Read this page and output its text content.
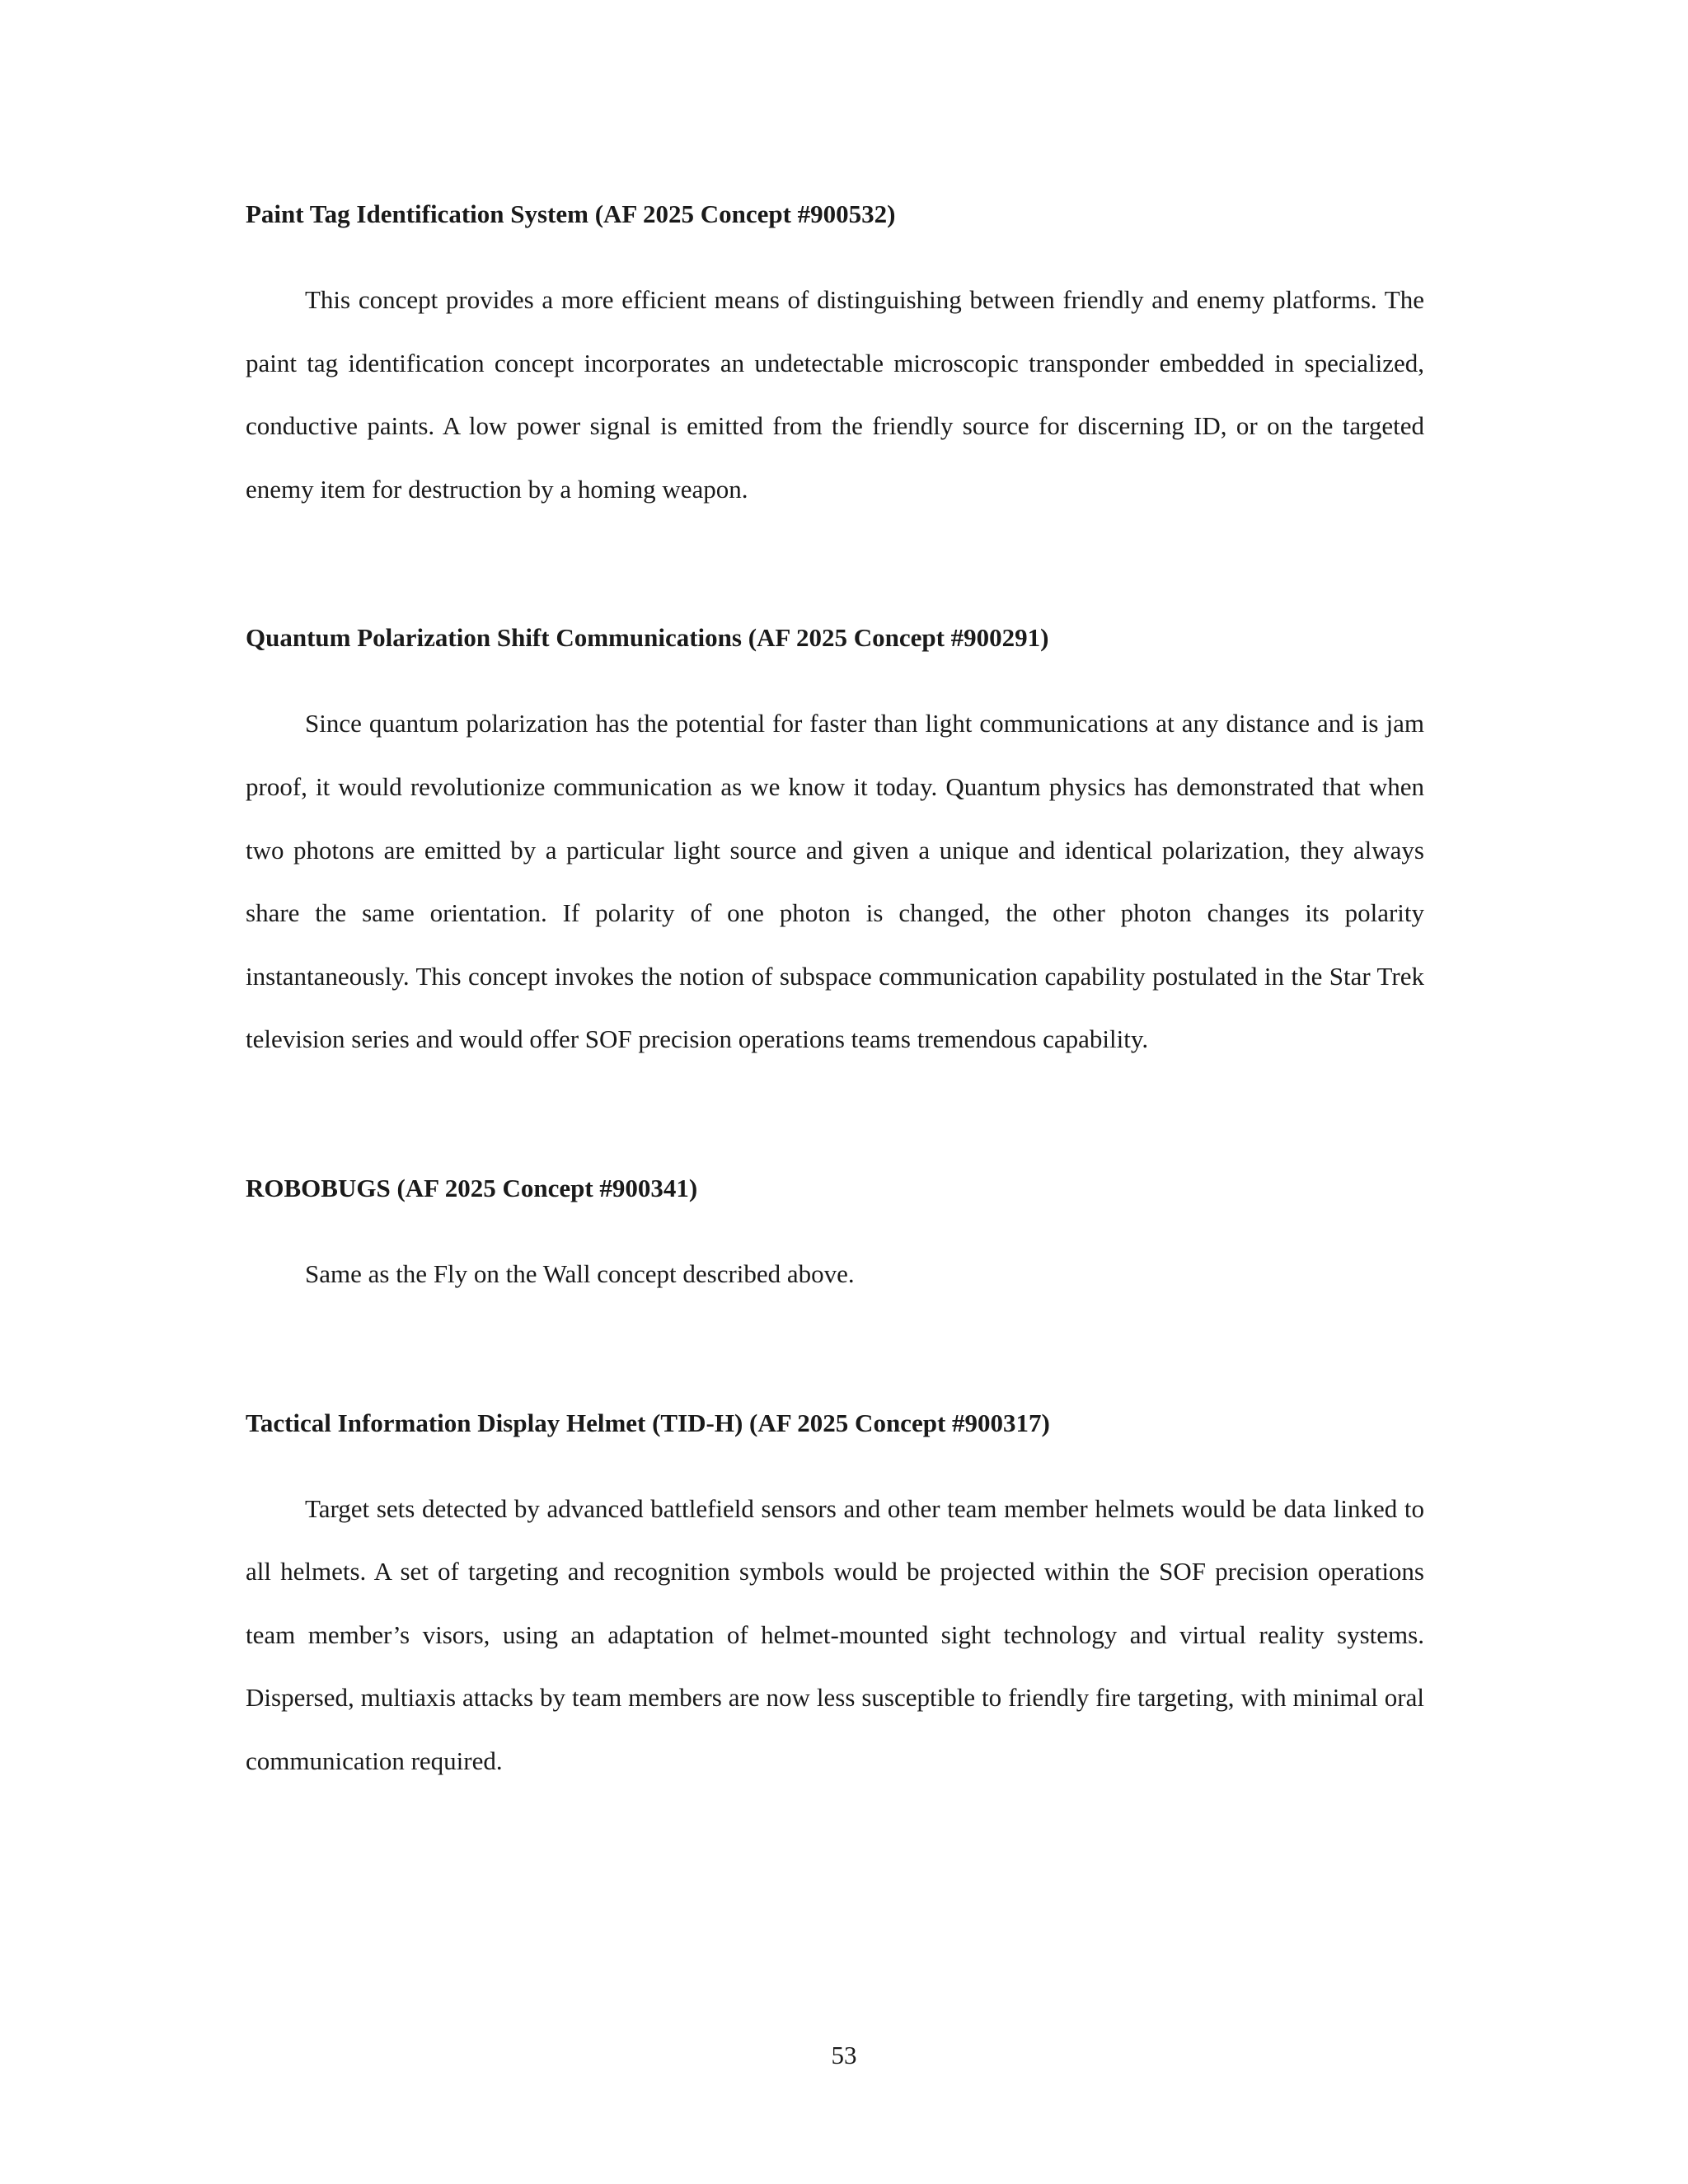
Paint Tag Identification System (AF 2025 Concept #900532)

This concept provides a more efficient means of distinguishing between friendly and enemy platforms. The paint tag identification concept incorporates an undetectable microscopic transponder embedded in specialized, conductive paints. A low power signal is emitted from the friendly source for discerning ID, or on the targeted enemy item for destruction by a homing weapon.

Quantum Polarization Shift Communications (AF 2025 Concept #900291)

Since quantum polarization has the potential for faster than light communications at any distance and is jam proof, it would revolutionize communication as we know it today. Quantum physics has demonstrated that when two photons are emitted by a particular light source and given a unique and identical polarization, they always share the same orientation. If polarity of one photon is changed, the other photon changes its polarity instantaneously. This concept invokes the notion of subspace communication capability postulated in the Star Trek television series and would offer SOF precision operations teams tremendous capability.

ROBOBUGS (AF 2025 Concept #900341)

Same as the Fly on the Wall concept described above.

Tactical Information Display Helmet (TID-H) (AF 2025 Concept #900317)

Target sets detected by advanced battlefield sensors and other team member helmets would be data linked to all helmets. A set of targeting and recognition symbols would be projected within the SOF precision operations team member’s visors, using an adaptation of helmet-mounted sight technology and virtual reality systems. Dispersed, multiaxis attacks by team members are now less susceptible to friendly fire targeting, with minimal oral communication required.

53
